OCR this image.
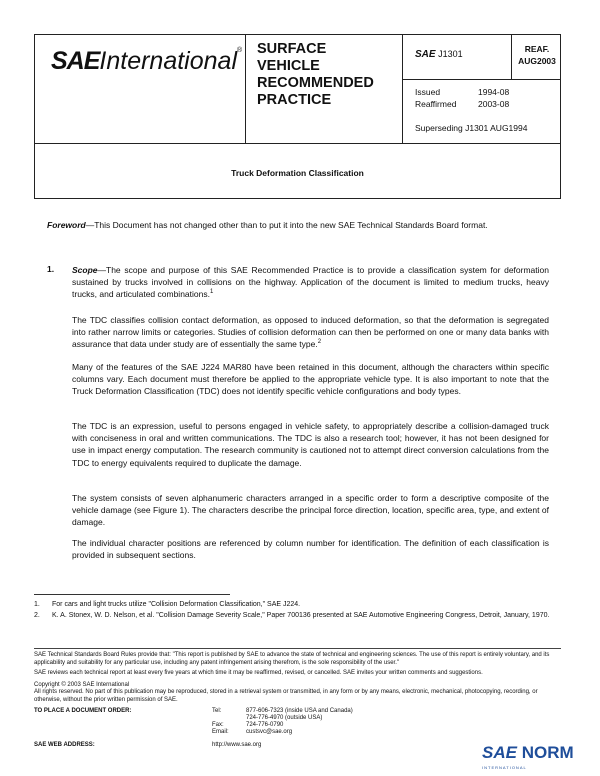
SAEInternational® SURFACE
VEHICLE
RECOMMENDED
PRACTICE
SAE J1301	REAF.
AUG2003
Issued	1994-08
Reaffirmed	2003-08
Superseding J1301 AUG1994
Truck Deformation Classification
Foreword—This Document has not changed other than to put it into the new SAE Technical Standards Board format.
1. Scope—The scope and purpose of this SAE Recommended Practice is to provide a classification system for deformation sustained by trucks involved in collisions on the highway. Application of the document is limited to medium trucks, heavy trucks, and articulated combinations.$^1$
The TDC classifies collision contact deformation, as opposed to induced deformation, so that the deformation is segregated into rather narrow limits or categories. Studies of collision deformation can then be performed on one or many data banks with assurance that data under study are of essentially the same type.$^2$
Many of the features of the SAE J224 MAR80 have been retained in this document, although the characters within specific columns vary. Each document must therefore be applied to the appropriate vehicle type. It is also important to note that the Truck Deformation Classification (TDC) does not identify specific vehicle configurations and body types.
The TDC is an expression, useful to persons engaged in vehicle safety, to appropriately describe a collision-damaged truck with conciseness in oral and written communications. The TDC is also a research tool; however, it has not been designed for use in impact energy computation. The research community is cautioned not to attempt direct conversion calculations from the TDC to energy equivalents required to duplicate the damage.
The system consists of seven alphanumeric characters arranged in a specific order to form a descriptive composite of the vehicle damage (see Figure 1). The characters describe the principal force direction, location, specific area, type, and extent of damage.
The individual character positions are referenced by column number for identification. The definition of each classification is provided in subsequent sections.
1. For cars and light trucks utilize "Collision Deformation Classification," SAE J224.
2. K. A. Stonex, W. D. Nelson, et al. "Collision Damage Severity Scale," Paper 700136 presented at SAE Automotive Engineering Congress, Detroit, January, 1970.
SAE Technical Standards Board Rules provide that: "This report is published by SAE to advance the state of technical and engineering sciences. The use of this report is entirely voluntary, and its applicability and suitability for any particular use, including any patent infringement arising therefrom, is the sole responsibility of the user."
SAE reviews each technical report at least every five years at which time it may be reaffirmed, revised, or cancelled. SAE invites your written comments and suggestions.
Copyright © 2003 SAE International
All rights reserved. No part of this publication may be reproduced, stored in a retrieval system or transmitted, in any form or by any means, electronic, mechanical, photocopying, recording, or otherwise, without the prior written permission of SAE.
TO PLACE A DOCUMENT ORDER:	Tel:	877-606-7323 (inside USA and Canada)
724-776-4970 (outside USA)
Fax:	724-776-0790
Email:	custsvc@sae.org
SAE WEB ADDRESS:	http://www.sae.org	SAE NORM
INTERNATIONAL
